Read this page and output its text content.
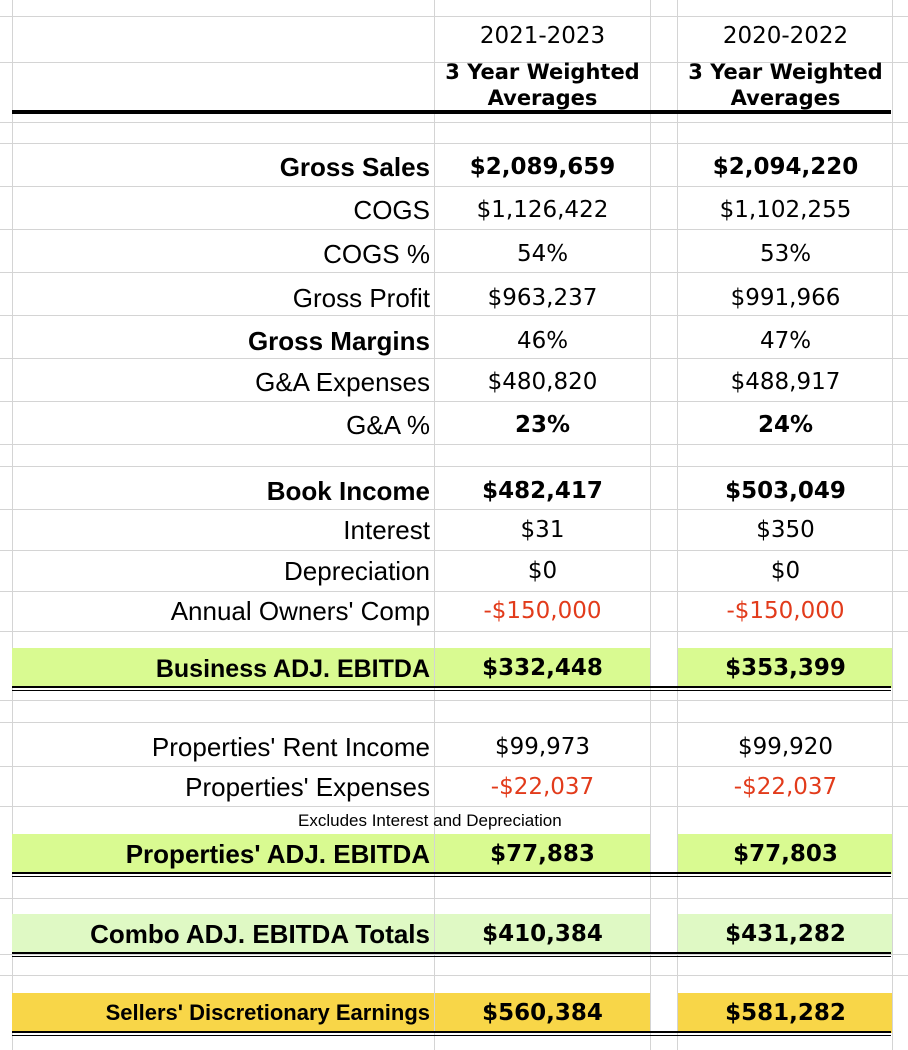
2021-2023
3 Year Weighted Averages
2020-2022
3 Year Weighted Averages
Gross Sales	$2,089,659	$2,094,220
COGS	$1,126,422	$1,102,255
COGS %	54%	53%
Gross Profit	$963,237	$991,966
Gross Margins	46%	47%
G&A Expenses	$480,820	$488,917
G&A %	23%	24%
Book Income	$482,417	$503,049
Interest	$31	$350
Depreciation	$0	$0
Annual Owners' Comp	-$150,000	-$150,000
Business ADJ. EBITDA	$332,448	$353,399
Properties' Rent Income	$99,973	$99,920
Properties' Expenses	-$22,037	-$22,037
Excludes Interest and Depreciation
Properties' ADJ. EBITDA	$77,883	$77,803
Combo ADJ. EBITDA Totals	$410,384	$431,282
Sellers' Discretionary Earnings	$560,384	$581,282
